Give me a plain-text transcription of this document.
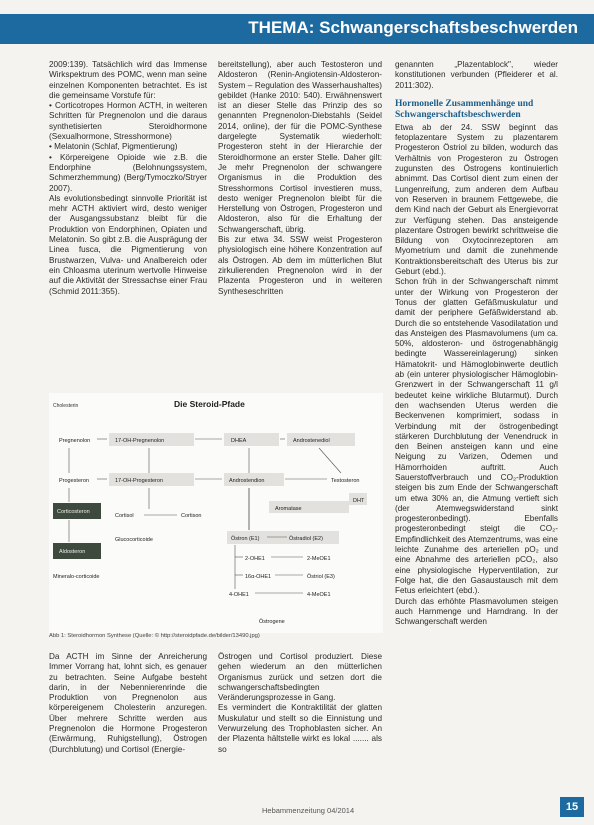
THEMA: Schwangerschaftsbeschwerden

2009:139). Tatsächlich wird das Immense Wirkspektrum des POMC, wenn man seine einzelnen Komponenten betrachtet. Es ist die gemeinsame Vorstufe für:

• Corticotropes Hormon ACTH, in weiteren Schritten für Pregnenolon und die daraus synthetisierten Steroidhormone (Sexualhormone, Stresshormone)

• Melatonin (Schlaf, Pigmentierung)

• Körpereigene Opioide wie z.B. die Endorphine (Belohnungssystem, Schmerzhemmung) (Berg/Tymoczko/Stryer 2007).

Als evolutionsbedingt sinnvolle Priorität ist mehr ACTH aktiviert wird, desto weniger der Ausgangssubstanz bleibt für die Produktion von Endorphinen, Opiaten und Melatonin. So gibt z.B. die Ausprägung der Linea fusca, die Pigmentierung von Brustwarzen, Vulva- und Analbereich oder ein Chloasma uterinum wertvolle Hinweise auf die Aktivität der Stressachse einer Frau (Schmid 2011:355).

bereitstellung), aber auch Testosteron und Aldosteron (Renin-Angiotensin-Aldosteron-System – Regulation des Wasserhaushaltes) gebildet (Hanke 2010: 540). Erwähnenswert ist an dieser Stelle das Prinzip des so genannten Pregnenolon-Diebstahls (Seidel 2014, online), der für die POMC-Synthese dargelegte Systematik wiederholt: Progesteron steht in der Hierarchie der Steroidhormone an erster Stelle. Daher gilt: Je mehr Pregnenolon der schwangere Organismus in die Produktion des Stresshormons Cortisol investieren muss, desto weniger Pregnenolon bleibt für die Herstellung von Östrogen, Progesteron und Aldosteron, also für die Erhaltung der Schwangerschaft, übrig.

Bis zur etwa 34. SSW weist Progesteron physiologisch eine höhere Konzentration auf als Östrogen. Ab dem im mütterlichen Blut zirkulierenden Pregnenolon wird in der Plazenta Progesteron und in weiteren Syntheseschritten

genannten „Plazentablock", wieder konstitutionen verbunden (Pfleiderer et al. 2011:302).

Hormonelle Zusammenhänge und Schwangerschaftsbeschwerden

Etwa ab der 24. SSW beginnt das fetoplazentare System zu plazentarem Progesteron Östriol zu bilden, wodurch das Verhältnis von Progesteron zu Östrogen zugunsten des Östrogens kontinuierlich abnimmt. Das Cortisol dient zum einen der Lungenreifung, zum anderen dem Aufbau von Reserven in braunem Fettgewebe, die dem Kind nach der Geburt als Energievorrat zur Verfügung stehen. Das ansteigende plazentare Östrogen bewirkt schrittweise die Bildung von Oxytocinrezeptoren am Myometrium und damit die zunehmende Kontraktionsbereitschaft des Uterus bis zur Geburt (ebd.).

Schon früh in der Schwangerschaft nimmt unter der Wirkung von Progesteron der Tonus der glatten Gefäßmuskulatur und damit der periphere Gefäßwiderstand ab. Durch die so entstehende Vasodilatation und das Ansteigen des Plasmavolumens (um ca. 50%, aldosteron- und östrogenabhängig bedingte Wassereinlagerung) sinken Hämatokrit- und Hämoglobinwerte deutlich ab (ein unterer physiologischer Hämoglobin-Grenzwert in der Schwangerschaft 11 g/l bedeutet keine wirkliche Blutarmut). Durch den wachsenden Uterus werden die Beckenvenen komprimiert, sodass in Verbindung mit der östrogenbedingt stärkeren Durchblutung der Venendruck in den Beinen ansteigen kann und eine Neigung zu Varizen, Ödemen und Hämorrhoiden auftritt. Auch Sauerstoffverbrauch und CO₂-Produktion steigen bis zum Ende der Schwangerschaft um etwa 30% an, die Atmung vertieft sich (der Atemwegswiderstand sinkt progesteronbedingt). Ebenfalls progesteronbedingt steigt die CO₂-Empfindlichkeit des Atemzentrums, was eine leichte Zunahme des arteriellen pO₂ und eine Abnahme des arteriellen pCO₂, also eine physiologische Hyperventilation, zur Folge hat, die den Gasaustausch mit dem Fetus erleichtert (ebd.).

Durch das erhöhte Plasmavolumen steigen auch Harnmenge und Harndrang. In der Schwangerschaft werden

Cholesterin	Die Steroid-Pfade
Pregnenolon	17-OH-Pregnenolon	DHEA	Androstenediol
Progesteron	17-OH-Progesteron	Androstendion	Testosteron
DHT
Corticosteron
Cortisol	Cortison
Aromatase
Aldosteron
Glucocorticoide
Mineralo-corticoide
Östron (E1)	Östradiol (E2)
2-OHE1	2-MeOE1
16α-OHE1	Östriol (E3)
4-OHE1	4-MeOE1
Östrogene
Abb 1: Steroidhormon Synthese (Quelle: © http://steroidpfade.de/bilder/13490.jpg)

Da ACTH im Sinne der Anreicherung Immer Vorrang hat, lohnt sich, es genauer zu betrachten. Seine Aufgabe besteht darin, in der Nebennierenrinde die Produktion von Pregnenolon aus körpereigenem Cholesterin anzuregen. Über mehrere Schritte werden aus Pregnenolon die Hormone Progesteron (Erwärmung, Ruhigstellung), Östrogen (Durchblutung) und Cortisol (Energie-

Östrogen und Cortisol produziert. Diese gehen wiederum an den mütterlichen Organismus zurück und setzen dort die schwangerschaftsbedingten Veränderungsprozesse in Gang.

Es vermindert die Kontraktilität der glatten Muskulatur und stellt so die Einnistung und Verwurzelung des Trophoblasten sicher. An der Plazenta hältstelle wirkt es lokal ....... als so

Hebammenzeitung 04/2014	15
